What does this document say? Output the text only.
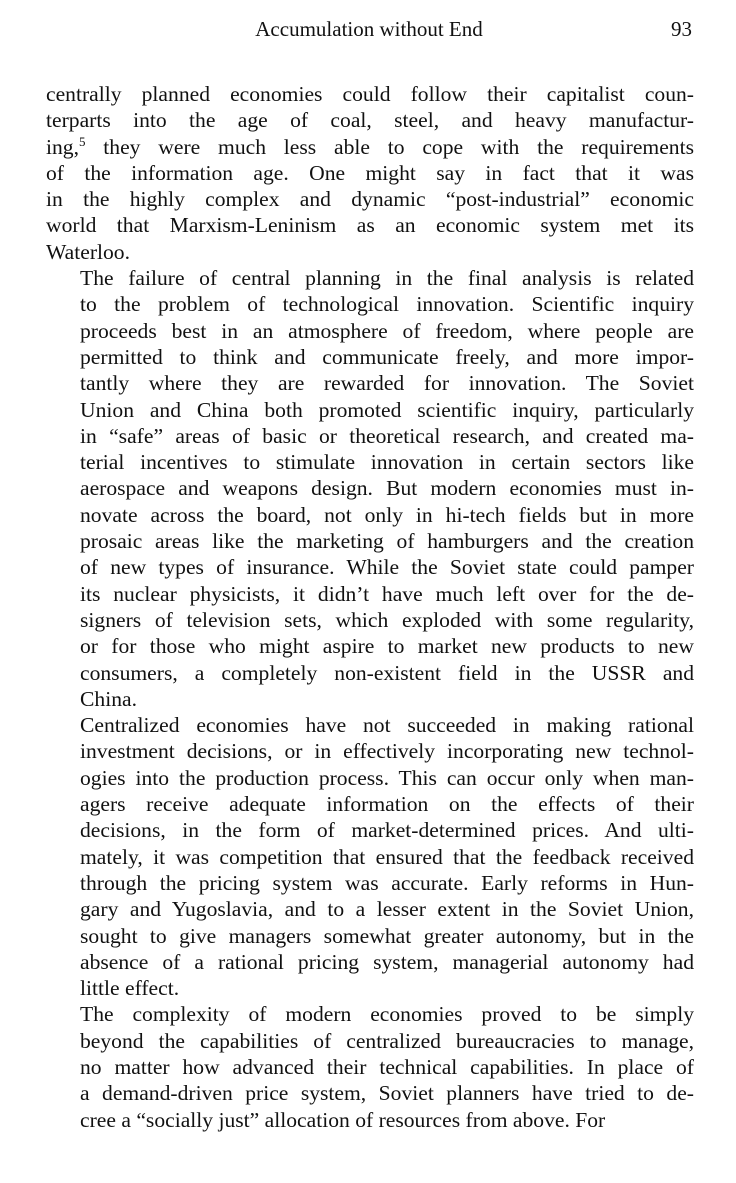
Accumulation without End	93

centrally planned economies could follow their capitalist coun-
terparts into the age of coal, steel, and heavy manufactur-
ing,$^5$ they were much less able to cope with the requirements
of the information age. One might say in fact that it was
in the highly complex and dynamic “post-industrial” economic
world that Marxism-Leninism as an economic system met its
Waterloo.

The failure of central planning in the final analysis is related
to the problem of technological innovation. Scientific inquiry
proceeds best in an atmosphere of freedom, where people are
permitted to think and communicate freely, and more impor-
tantly where they are rewarded for innovation. The Soviet
Union and China both promoted scientific inquiry, particularly
in “safe” areas of basic or theoretical research, and created ma-
terial incentives to stimulate innovation in certain sectors like
aerospace and weapons design. But modern economies must in-
novate across the board, not only in hi-tech fields but in more
prosaic areas like the marketing of hamburgers and the creation
of new types of insurance. While the Soviet state could pamper
its nuclear physicists, it didn’t have much left over for the de-
signers of television sets, which exploded with some regularity,
or for those who might aspire to market new products to new
consumers, a completely non-existent field in the USSR and
China.

Centralized economies have not succeeded in making rational
investment decisions, or in effectively incorporating new technol-
ogies into the production process. This can occur only when man-
agers receive adequate information on the effects of their
decisions, in the form of market-determined prices. And ulti-
mately, it was competition that ensured that the feedback received
through the pricing system was accurate. Early reforms in Hun-
gary and Yugoslavia, and to a lesser extent in the Soviet Union,
sought to give managers somewhat greater autonomy, but in the
absence of a rational pricing system, managerial autonomy had
little effect.

The complexity of modern economies proved to be simply
beyond the capabilities of centralized bureaucracies to manage,
no matter how advanced their technical capabilities. In place of
a demand-driven price system, Soviet planners have tried to de-
cree a “socially just” allocation of resources from above. For
